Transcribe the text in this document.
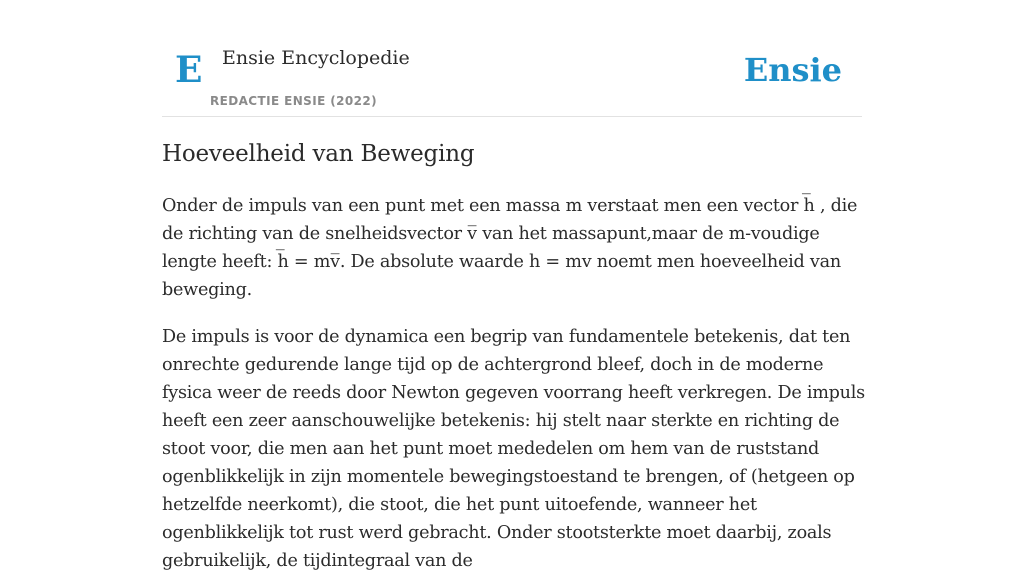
E Ensie Encyclopedie
REDACTIE ENSIE (2022)
Ensie
Hoeveelheid van Beweging

Onder de impuls van een punt met een massa m verstaat men een vector h̅ , die de richting van de snelheidsvector v̅ van het massapunt,maar de m-voudige lengte heeft: h̅ = mv̅. De absolute waarde h = mv noemt men hoeveelheid van beweging.

De impuls is voor de dynamica een begrip van fundamentele betekenis, dat ten onrechte gedurende lange tijd op de achtergrond bleef, doch in de moderne fysica weer de reeds door Newton gegeven voorrang heeft verkregen. De impuls heeft een zeer aanschouwelijke betekenis: hij stelt naar sterkte en richting de stoot voor, die men aan het punt moet mededelen om hem van de ruststand ogenblikkelijk in zijn momentele bewegingstoestand te brengen, of (hetgeen op hetzelfde neerkomt), die stoot, die het punt uitoefende, wanneer het ogenblikkelijk tot rust werd gebracht. Onder stootsterkte moet daarbij, zoals gebruikelijk, de tijdintegraal van de
